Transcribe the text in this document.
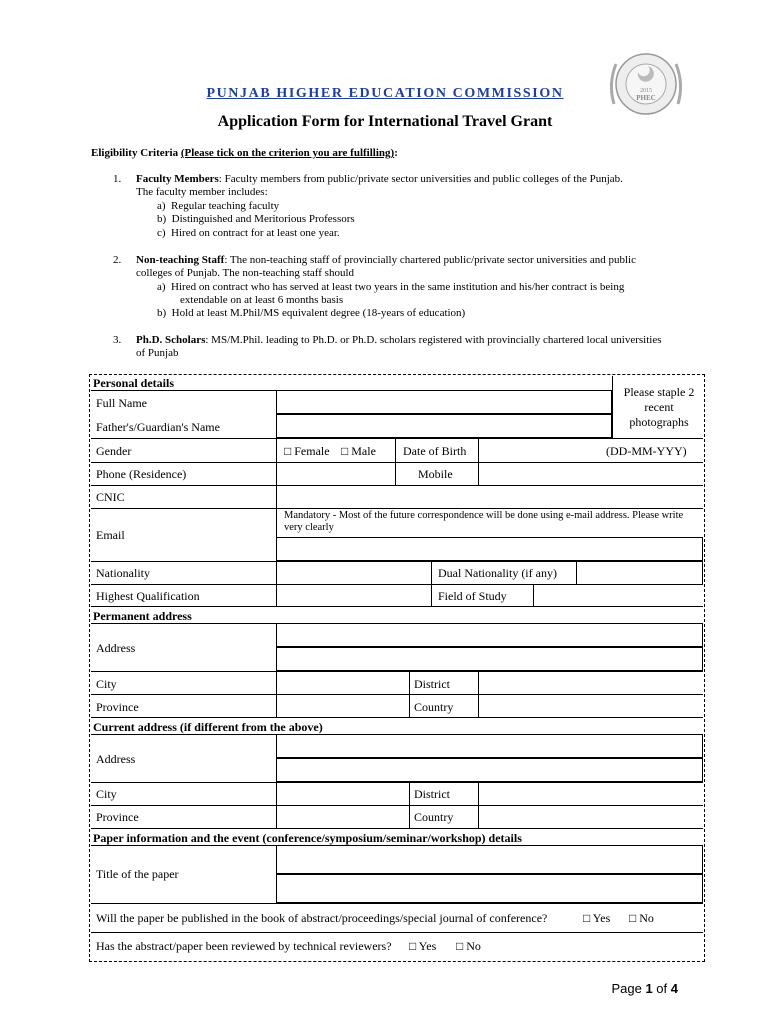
2015
PHEC
PUNJAB HIGHER EDUCATION COMMISSION
Application Form for International Travel Grant
Eligibility Criteria (Please tick on the criterion you are fulfilling):
1. Faculty Members: Faculty members from public/private sector universities and public colleges of the Punjab.
The faculty member includes:
a)  Regular teaching faculty
b)  Distinguished and Meritorious Professors
c)  Hired on contract for at least one year.
2. Non-teaching Staff: The non-teaching staff of provincially chartered public/private sector universities and public
colleges of Punjab. The non-teaching staff should
a)  Hired on contract who has served at least two years in the same institution and his/her contract is being
extendable on at least 6 months basis
b)  Hold at least M.Phil/MS equivalent degree (18-years of education)
3. Ph.D. Scholars: MS/M.Phil. leading to Ph.D. or Ph.D. scholars registered with provincially chartered local universities
of Punjab
Personal details
Please staple 2 recent photographs
Full Name
Father's/Guardian's Name
Gender	□ Female □ Male Date of Birth	(DD-MM-YYY)
Phone (Residence)	Mobile
CNIC
Email
Mandatory - Most of the future correspondence will be done using e-mail address. Please write very clearly
Nationality	Dual Nationality (if any)
Highest Qualification	Field of Study
Permanent address
Address
City	District
Province	Country
Current address (if different from the above)
Address
City	District
Province	Country
Paper information and the event (conference/symposium/seminar/workshop) details
Title of the paper
Will the paper be published in the book of abstract/proceedings/special journal of conference?	□ Yes □ No
Has the abstract/paper been reviewed by technical reviewers? □ Yes □ No
Page 1 of 4
